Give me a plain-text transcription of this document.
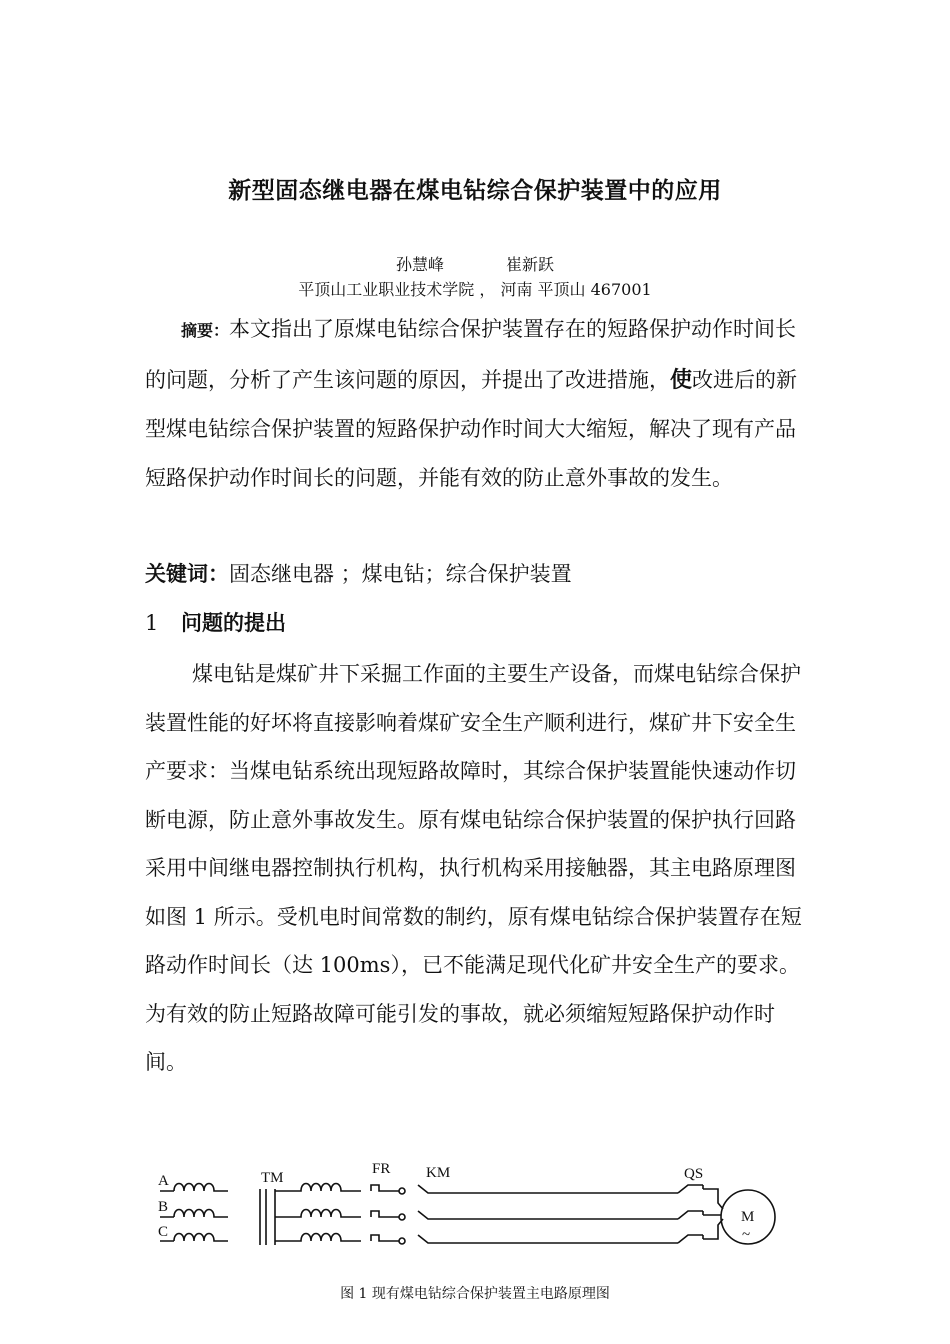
新型固态继电器在煤电钻综合保护装置中的应用
孙慧峰	崔新跃
平顶山工业职业技术学院 ， 河南 平顶山 467001
摘要：本文指出了原煤电钻综合保护装置存在的短路保护动作时间长的问题，分析了产生该问题的原因，并提出了改进措施，使改进后的新型煤电钻综合保护装置的短路保护动作时间大大缩短，解决了现有产品短路保护动作时间长的问题，并能有效的防止意外事故的发生。
关键词：固态继电器 ；煤电钻；综合保护装置
1 问题的提出
煤电钻是煤矿井下采掘工作面的主要生产设备，而煤电钻综合保护装置性能的好坏将直接影响着煤矿安全生产顺利进行，煤矿井下安全生产要求：当煤电钻系统出现短路故障时，其综合保护装置能快速动作切断电源，防止意外事故发生。原有煤电钻综合保护装置的保护执行回路采用中间继电器控制执行机构，执行机构采用接触器，其主电路原理图如图 1 所示。受机电时间常数的制约，原有煤电钻综合保护装置存在短路动作时间长（达 100ms），已不能满足现代化矿井安全生产的要求。为有效的防止短路故障可能引发的事故，就必须缩短短路保护动作时间。
A
B
C
TM
FR KM	QS
M
~
图 1 现有煤电钻综合保护装置主电路原理图
